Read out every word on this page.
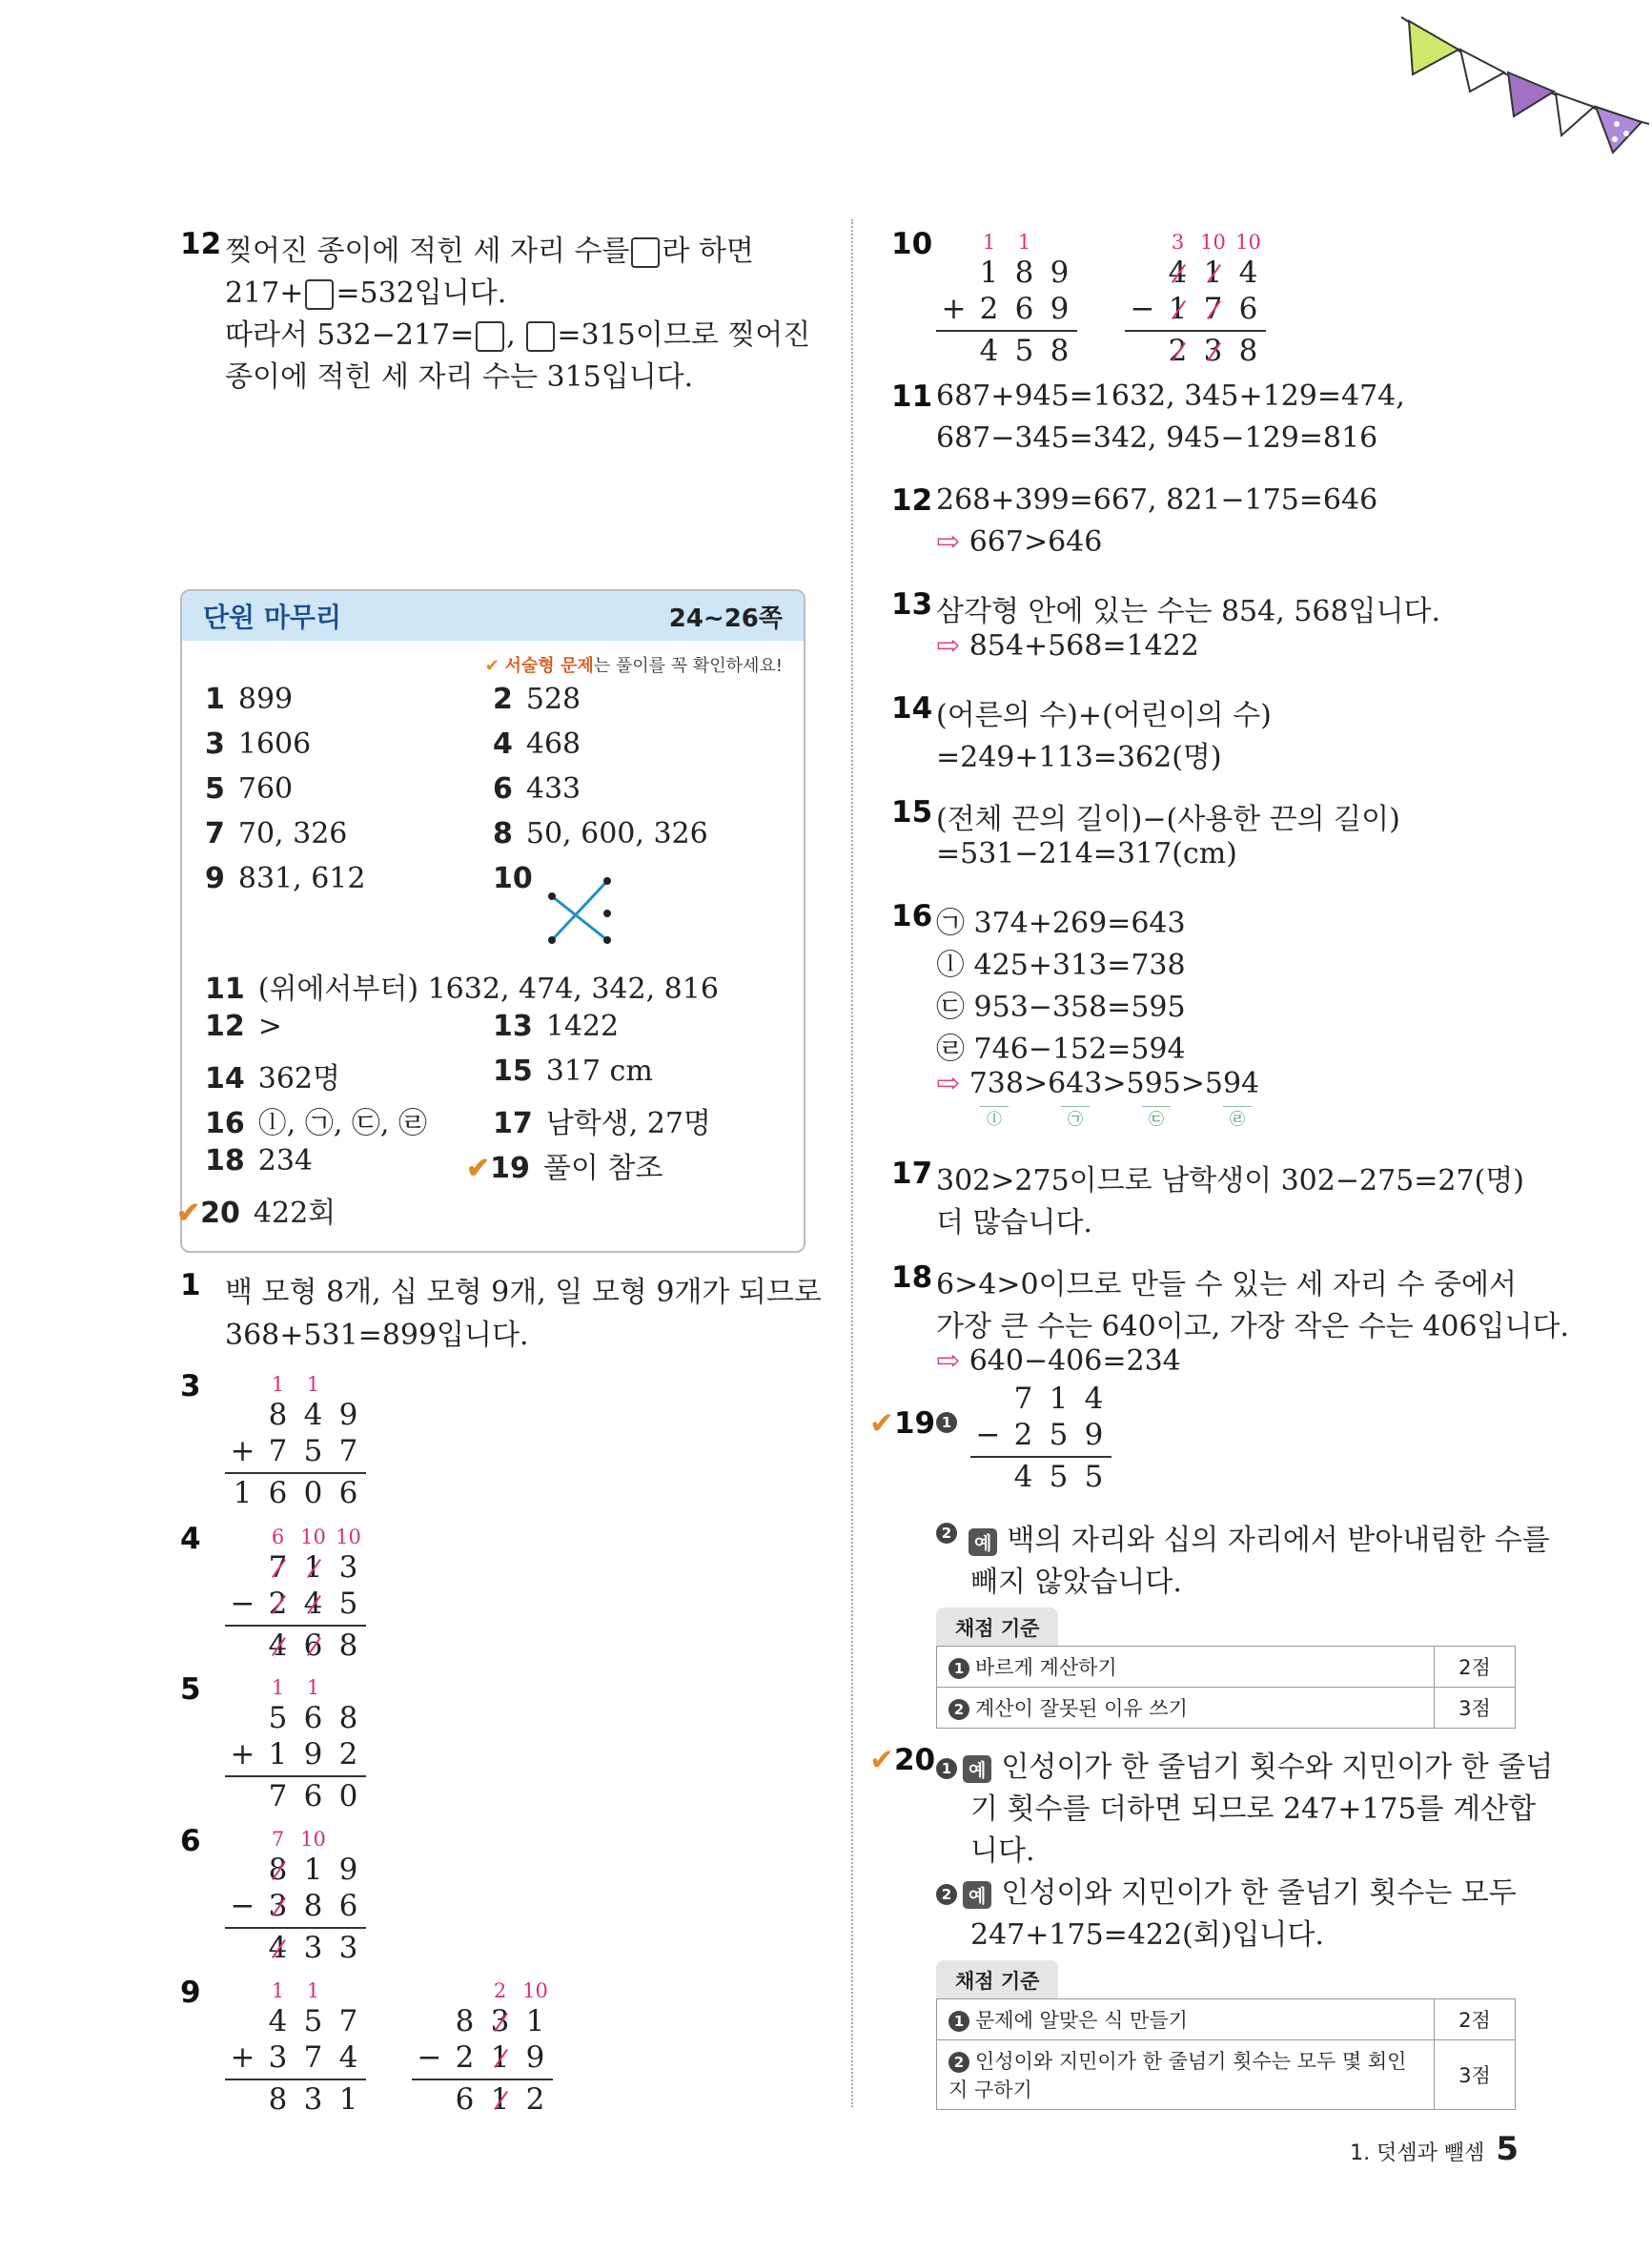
12 찢어진 종이에 적힌 세 자리 수를 라 하면
217+ =532입니다.
따라서 532−217= , =315이므로 찢어진
종이에 적힌 세 자리 수는 315입니다.
단원 마무리	24~26쪽
✔ 서술형 문제는 풀이를 꼭 확인하세요!
1 899	2 528
3 1606	4 468
5 760	6 433
7 70, 326	8 50, 600, 326
9 831, 612	10
11 (위에서부터) 1632, 474, 342, 816
12 >	13 1422
14 362명	15 317 cm
16 ⓛ, ㉠, ㉢, ㉣ 17 남학생, 27명
18 234	✔19 풀이 참조
✔20 422회
1 백 모형 8개, 십 모형 9개, 일 모형 9개가 되므로
368+531=899입니다.
3	1	1
8 4 9
+ 7 5 7
1 6 0 6
4	6 10 10
7 1 3
− 2 4 5
4 6 8
5	1	1
5 6 8
+ 1 9 2
7 6 0
6	7 10
8 1 9
− 3 8 6
4 3 3
9	1	1
4 5 7
+ 3 7 4
8 3 1
2 10
8 3 1
− 2 1 9
6 1 2
10	1	1
1 8 9
+ 2 6 9
4 5 8
3 10 10
4 1 4
− 1 7 6
2 3 8
11 687+945=1632, 345+129=474,
687−345=342, 945−129=816
12 268+399=667, 821−175=646
⇨ 667>646
13 삼각형 안에 있는 수는 854, 568입니다.
⇨ 854+568=1422
14 (어른의 수)+(어린이의 수)
=249+113=362(명)
15 (전체 끈의 길이)−(사용한 끈의 길이)
=531−214=317(cm)
16 ㉠ 374+269=643
ⓛ 425+313=738
㉢ 953−358=595
㉣ 746−152=594
⇨ 738>643>595>594
ⓛ	㉠	㉢	㉣
17 302>275이므로 남학생이 302−275=27(명)
더 많습니다.
18 6>4>0이므로 만들 수 있는 세 자리 수 중에서
가장 큰 수는 640이고, 가장 작은 수는 406입니다.
⇨ 640−406=234
✔19 1
7 1 4
− 2 5 9
4 5 5
2	예 백의 자리와 십의 자리에서 받아내림한 수를
빼지 않았습니다.
채점 기준
1 바르게 계산하기	2점
2 계산이 잘못된 이유 쓰기	3점
✔20 1 예 인성이가 한 줄넘기 횟수와 지민이가 한 줄넘
기 횟수를 더하면 되므로 247+175를 계산합
니다.
2 예 인성이와 지민이가 한 줄넘기 횟수는 모두
247+175=422(회)입니다.
채점 기준
1 문제에 알맞은 식 만들기	2점
2 인성이와 지민이가 한 줄넘기 횟수는 모두 몇 회인지 구하기	3점
1. 덧셈과 뺄셈 5
